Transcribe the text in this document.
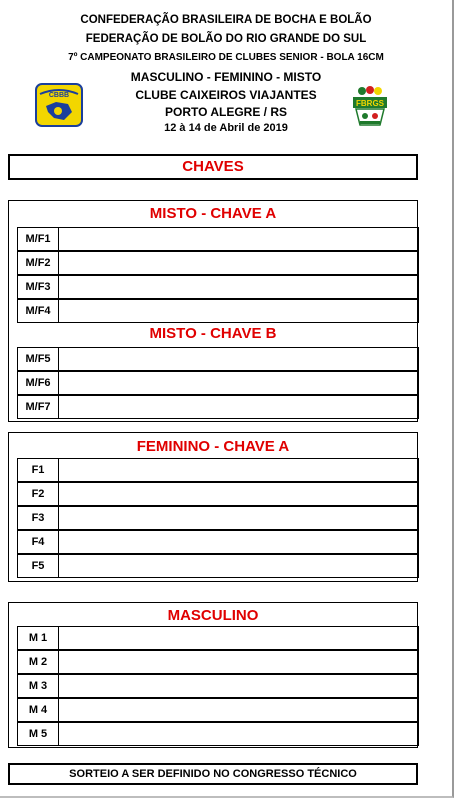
CONFEDERAÇÃO BRASILEIRA DE BOCHA E BOLÃO
FEDERAÇÃO DE BOLÃO DO RIO GRANDE DO SUL
7º CAMPEONATO BRASILEIRO DE CLUBES SENIOR - BOLA 16CM
MASCULINO - FEMININO - MISTO
CLUBE CAIXEIROS VIAJANTES
PORTO ALEGRE / RS
12 à 14 de Abril de 2019
CBBB
FBRGS
CHAVES
MISTO - CHAVE A
M/F1
M/F2
M/F3
M/F4
MISTO - CHAVE B
M/F5
M/F6
M/F7
FEMININO - CHAVE A
F1
F2
F3
F4
F5
MASCULINO
M 1
M 2
M 3
M 4
M 5
SORTEIO A SER DEFINIDO NO CONGRESSO TÉCNICO
